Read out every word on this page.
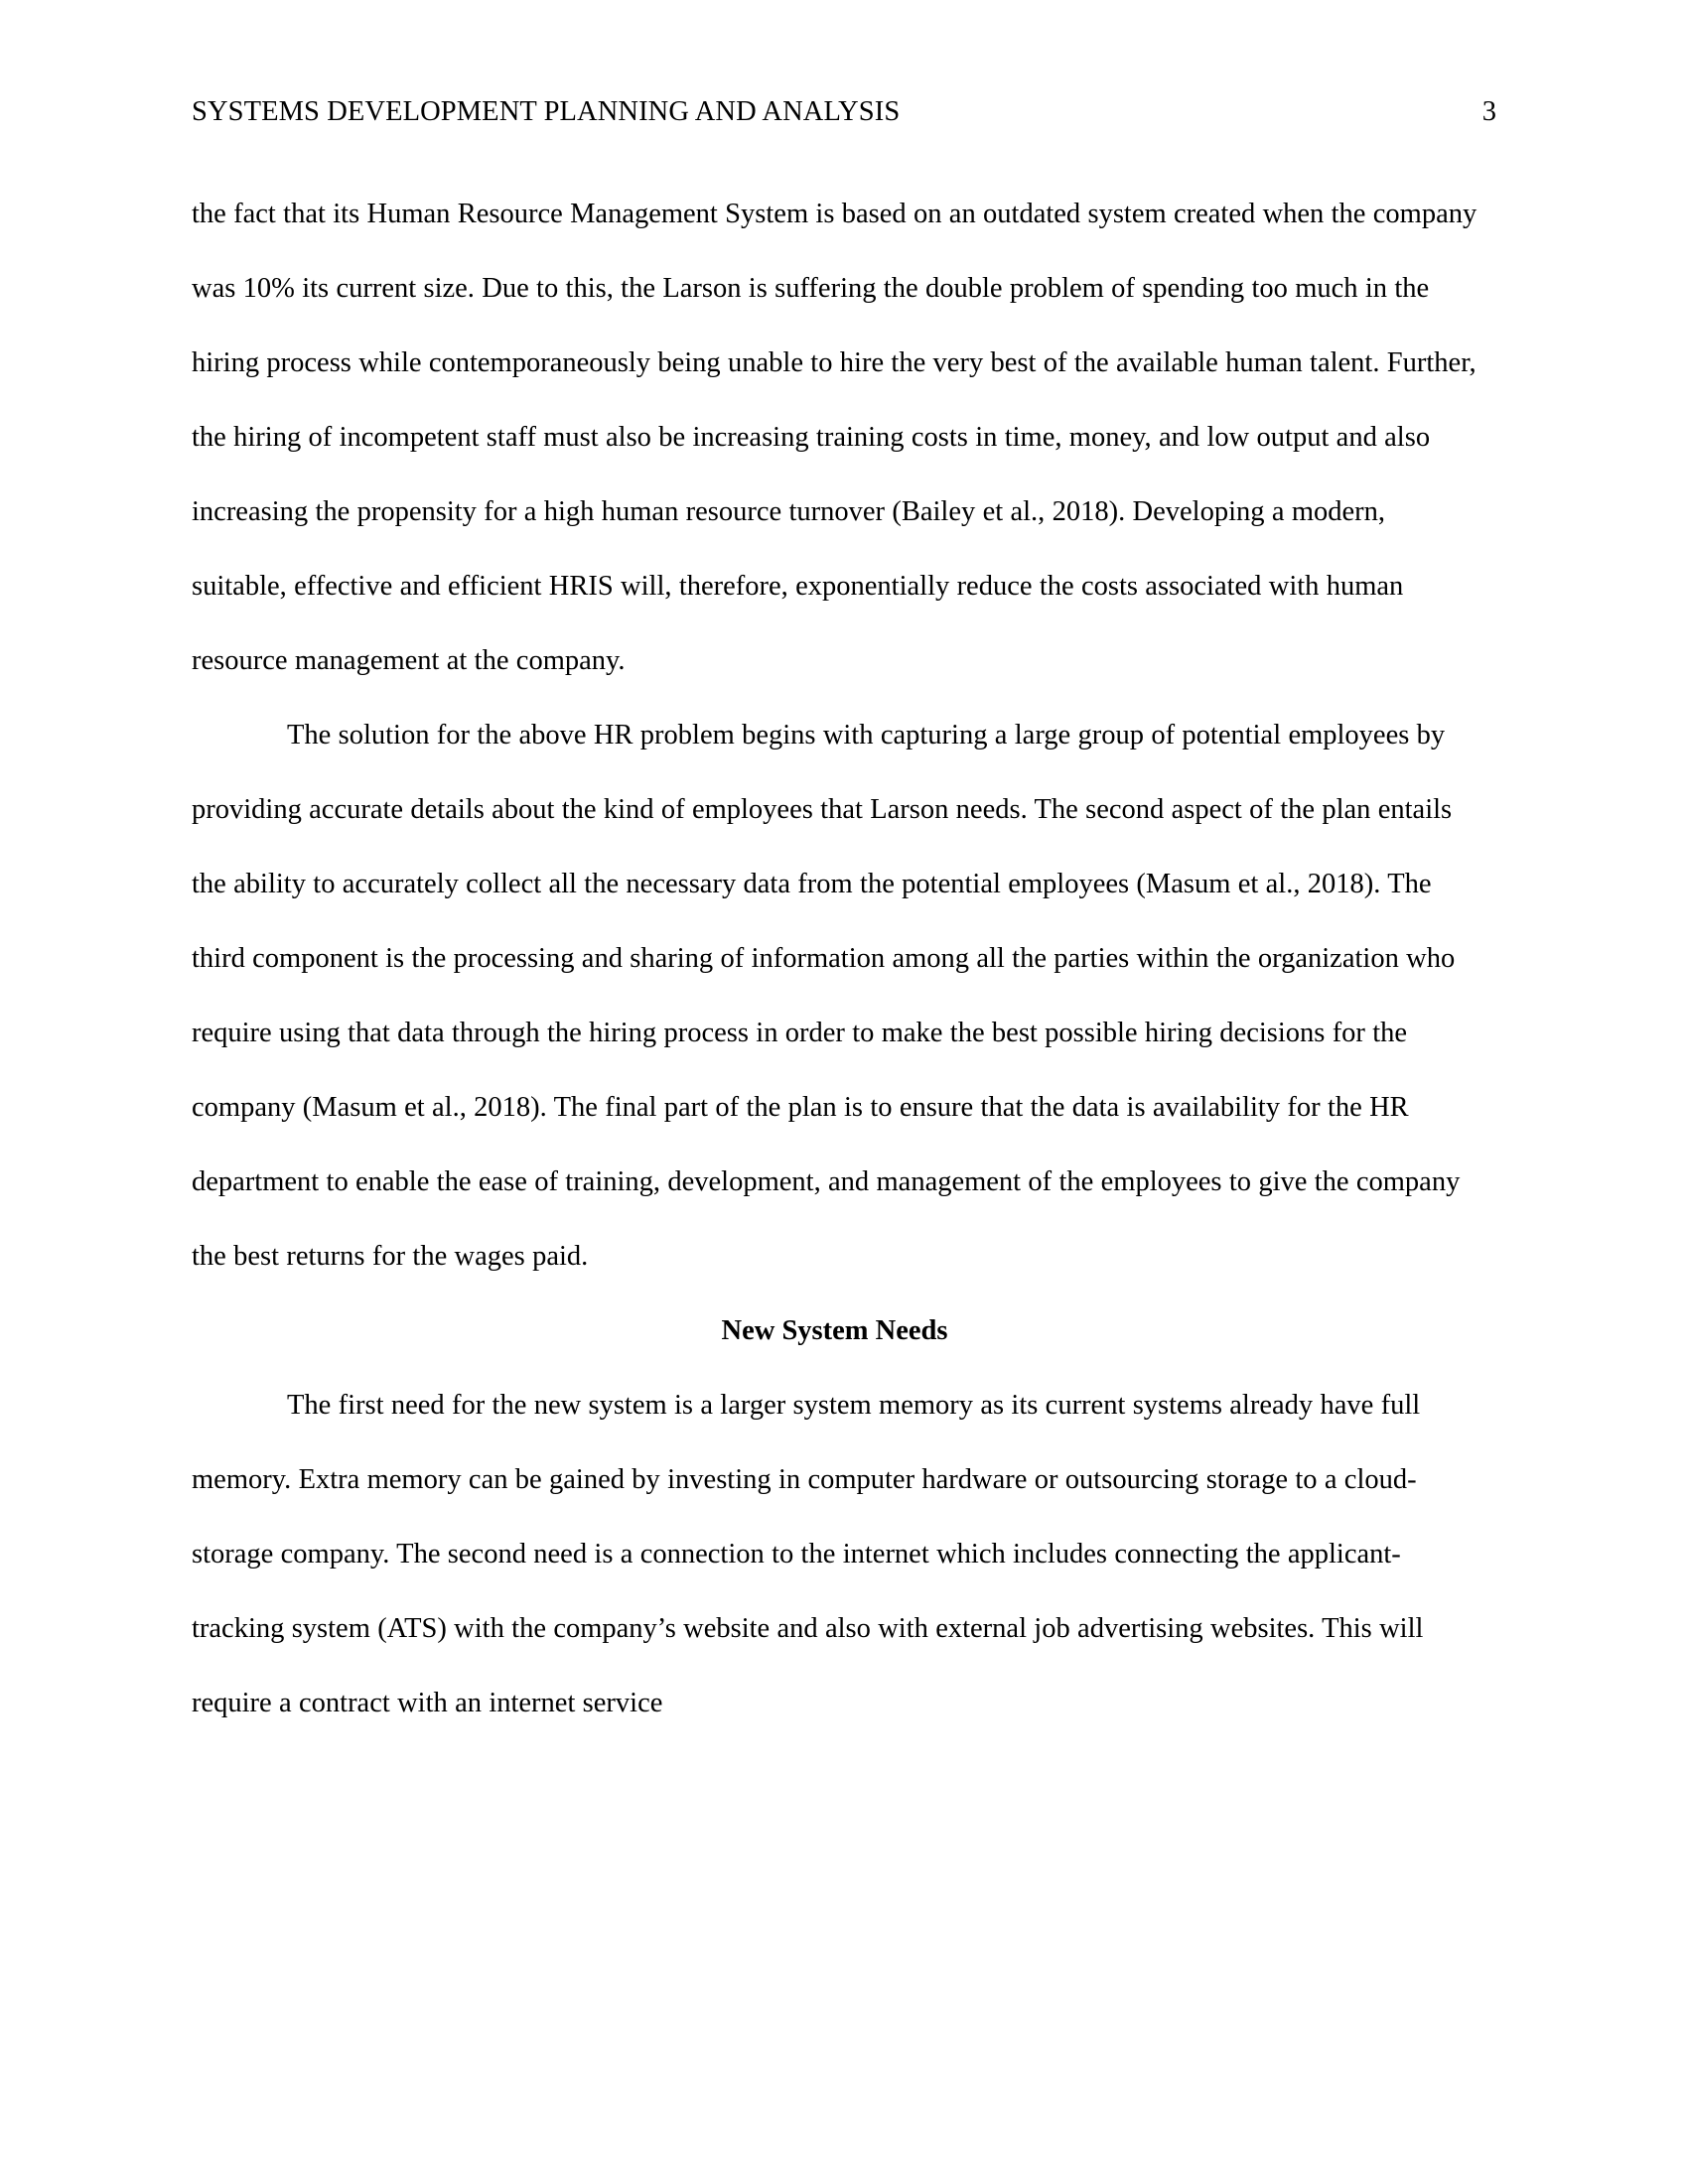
SYSTEMS DEVELOPMENT PLANNING AND ANALYSIS	3

the fact that its Human Resource Management System is based on an outdated system created when the company was 10% its current size. Due to this, the Larson is suffering the double problem of spending too much in the hiring process while contemporaneously being unable to hire the very best of the available human talent. Further, the hiring of incompetent staff must also be increasing training costs in time, money, and low output and also increasing the propensity for a high human resource turnover (Bailey et al., 2018). Developing a modern, suitable, effective and efficient HRIS will, therefore, exponentially reduce the costs associated with human resource management at the company.

The solution for the above HR problem begins with capturing a large group of potential employees by providing accurate details about the kind of employees that Larson needs. The second aspect of the plan entails the ability to accurately collect all the necessary data from the potential employees (Masum et al., 2018). The third component is the processing and sharing of information among all the parties within the organization who require using that data through the hiring process in order to make the best possible hiring decisions for the company (Masum et al., 2018). The final part of the plan is to ensure that the data is availability for the HR department to enable the ease of training, development, and management of the employees to give the company the best returns for the wages paid.

New System Needs

The first need for the new system is a larger system memory as its current systems already have full memory. Extra memory can be gained by investing in computer hardware or outsourcing storage to a cloud-storage company. The second need is a connection to the internet which includes connecting the applicant-tracking system (ATS) with the company’s website and also with external job advertising websites. This will require a contract with an internet service
